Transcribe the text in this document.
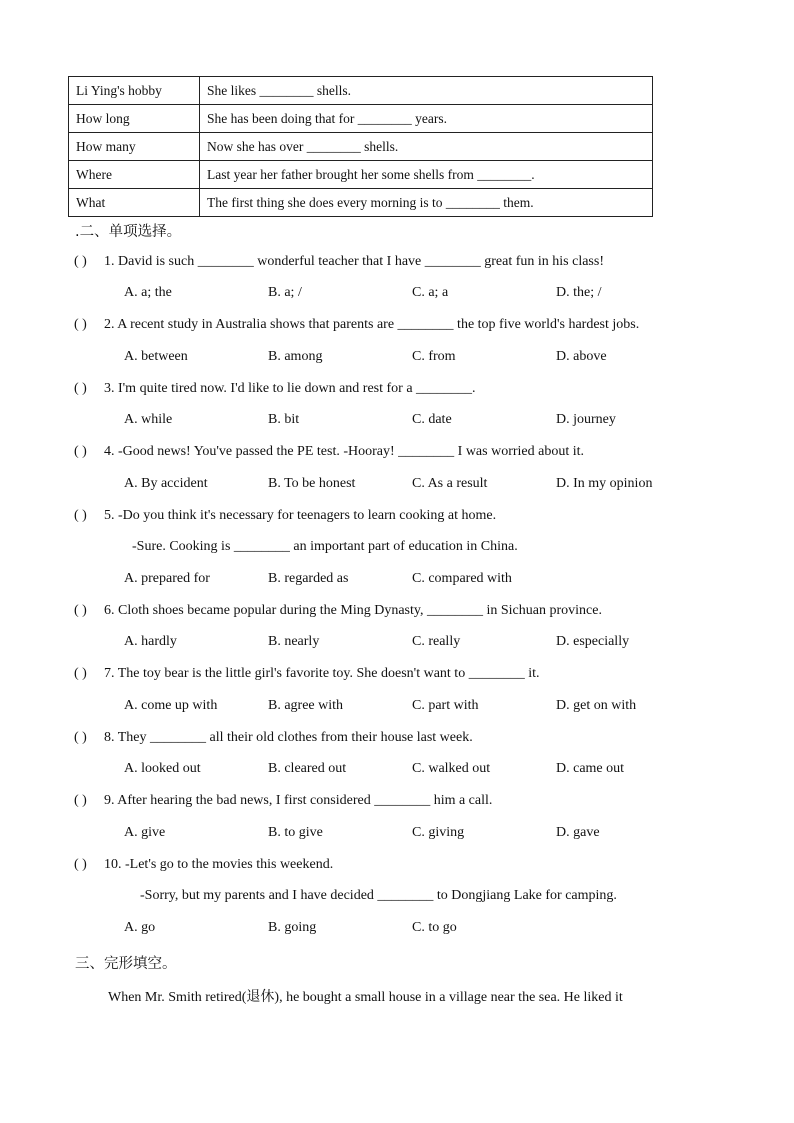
Li Ying's hobby	She likes ________ shells.
How long	She has been doing that for ________ years.
How many	Now she has over ________ shells.
Where	Last year her father brought her some shells from ________.
What	The first thing she does every morning is to ________ them.
.二、单项选择。
( ) 1. David is such ________ wonderful teacher that I have ________ great fun in his class!
A. a; the	B. a; /	C. a; a	D. the; /
( ) 2. A recent study in Australia shows that parents are ________ the top five world's hardest jobs.
A. between	B. among	C. from	D. above
( ) 3. I'm quite tired now. I'd like to lie down and rest for a ________.
A. while	B. bit	C. date	D. journey
( ) 4. -Good news! You've passed the PE test. -Hooray! ________ I was worried about it.
A. By accident	B. To be honest	C. As a result	D. In my opinion
( ) 5. -Do you think it's necessary for teenagers to learn cooking at home.
-Sure. Cooking is ________ an important part of education in China.
A. prepared for	B. regarded as	C. compared with
( ) 6. Cloth shoes became popular during the Ming Dynasty, ________ in Sichuan province.
A. hardly	B. nearly	C. really	D. especially
( ) 7. The toy bear is the little girl's favorite toy. She doesn't want to ________ it.
A. come up with	B. agree with	C. part with	D. get on with
( ) 8. They ________ all their old clothes from their house last week.
A. looked out	B. cleared out	C. walked out	D. came out
( ) 9. After hearing the bad news, I first considered ________ him a call.
A. give	B. to give	C. giving	D. gave
( ) 10. -Let's go to the movies this weekend.
-Sorry, but my parents and I have decided ________ to Dongjiang Lake for camping.
A. go	B. going	C. to go
三、完形填空。
When Mr. Smith retired(退休), he bought a small house in a village near the sea. He liked it
